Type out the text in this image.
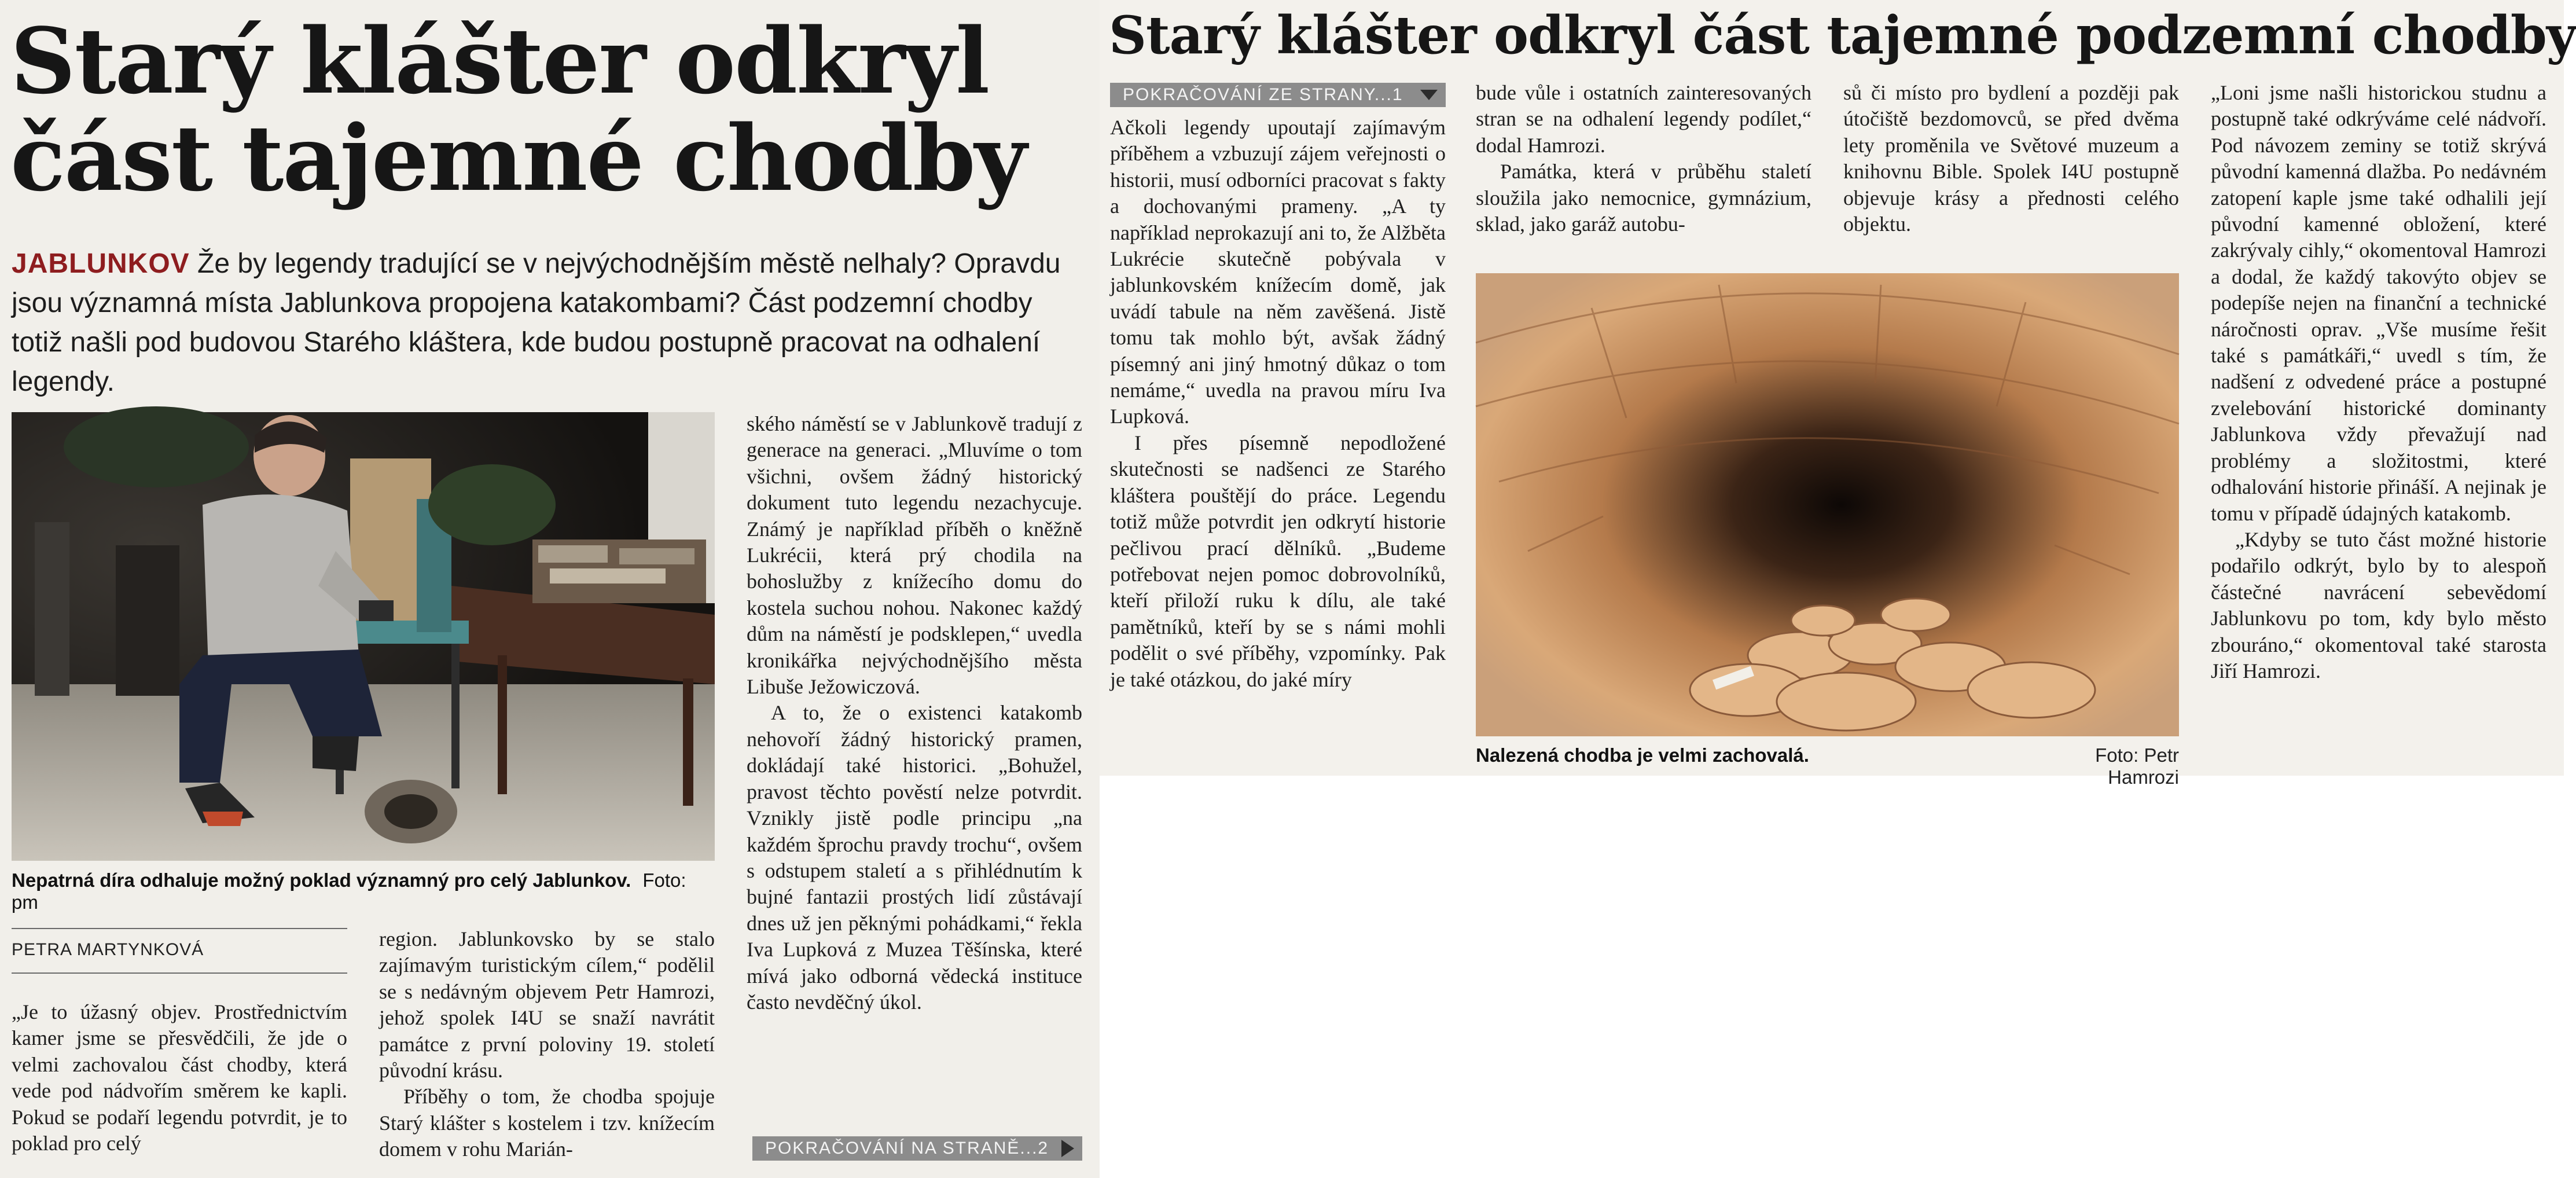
Starý klášter odkryl
část tajemné chodby

JABLUNKOV Že by legendy tradující se v nejvýchodnějším městě nelhaly? Opravdu jsou významná místa Jablunkova propojena katakombami? Část podzemní chodby totiž našli pod budovou Starého kláštera, kde budou postupně pracovat na odhalení legendy.

Nepatrná díra odhaluje možný poklad významný pro celý Jablunkov. Foto: pm
PETRA MARTYNKOVÁ

„Je to úžasný objev. Prostřednictvím kamer jsme se přesvědčili, že jde o velmi zachovalou část chodby, která vede pod nádvořím směrem ke kapli. Pokud se podaří legendu potvrdit, je to poklad pro celý

region. Jablunkovsko by se stalo zajímavým turistickým cílem,“ podělil se s nedávným objevem Petr Hamrozi, jehož spolek I4U se snaží navrátit památce z první poloviny 19. století původní krásu.

Příběhy o tom, že chodba spojuje Starý klášter s kostelem i tzv. knížecím domem v rohu Marián-

ského náměstí se v Jablunkově tradují z generace na generaci. „Mluvíme o tom všichni, ovšem žádný historický dokument tuto legendu nezachycuje. Známý je například příběh o kněžně Lukrécii, která prý chodila na bohoslužby z knížecího domu do kostela suchou nohou. Nakonec každý dům na náměstí je podsklepen,“ uvedla kronikářka nejvýchodnějšího města Libuše Ježowiczová.

A to, že o existenci katakomb nehovoří žádný historický pramen, dokládají také historici. „Bohužel, pravost těchto pověstí nelze potvrdit. Vznikly jistě podle principu „na každém šprochu pravdy trochu“, ovšem s odstupem staletí a s přihlédnutím k bujné fantazii prostých lidí zůstávají dnes už jen pěknými pohádkami,“ řekla Iva Lupková z Muzea Těšínska, které mívá jako odborná vědecká instituce často nevděčný úkol.

POKRAČOVÁNÍ NA STRANĚ...2
Starý klášter odkryl část tajemné podzemní chodby
POKRAČOVÁNÍ ZE STRANY...1

Ačkoli legendy upoutají zajímavým příběhem a vzbuzují zájem veřejnosti o historii, musí odborníci pracovat s fakty a dochovanými prameny. „A ty například neprokazují ani to, že Alžběta Lukrécie skutečně pobývala v jablunkovském knížecím domě, jak uvádí tabule na něm zavěšená. Jistě tomu tak mohlo být, avšak žádný písemný ani jiný hmotný důkaz o tom nemáme,“ uvedla na pravou míru Iva Lupková.

I přes písemně nepodložené skutečnosti se nadšenci ze Starého kláštera pouštějí do práce. Legendu totiž může potvrdit jen odkrytí historie pečlivou prací dělníků. „Budeme potřebovat nejen pomoc dobrovolníků, kteří přiloží ruku k dílu, ale také pamětníků, kteří by se s námi mohli podělit o své příběhy, vzpomínky. Pak je také otázkou, do jaké míry

bude vůle i ostatních zainteresovaných stran se na odhalení legendy podílet,“ dodal Hamrozi.

Památka, která v průběhu staletí sloužila jako nemocnice, gymnázium, sklad, jako garáž autobu-

sů či místo pro bydlení a později pak útočiště bezdomovců, se před dvěma lety proměnila ve Světové muzeum a knihovnu Bible. Spolek I4U postupně objevuje krásy a přednosti celého objektu.

Nalezená chodba je velmi zachovalá.	Foto: Petr Hamrozi

„Loni jsme našli historickou studnu a postupně také odkrýváme celé nádvoří. Pod návozem zeminy se totiž skrývá původní kamenná dlažba. Po nedávném zatopení kaple jsme také odhalili její původní kamenné obložení, které zakrývaly cihly,“ okomentoval Hamrozi a dodal, že každý takovýto objev se podepíše nejen na finanční a technické náročnosti oprav. „Vše musíme řešit také s památkáři,“ uvedl s tím, že nadšení z odvedené práce a postupné zvelebování historické dominanty Jablunkova vždy převažují nad problémy a složitostmi, které odhalování historie přináší. A nejinak je tomu v případě údajných katakomb.

„Kdyby se tuto část možné historie podařilo odkrýt, bylo by to alespoň částečné navrácení sebevědomí Jablunkovu po tom, kdy bylo město zbouráno,“ okomentoval také starosta Jiří Hamrozi.
